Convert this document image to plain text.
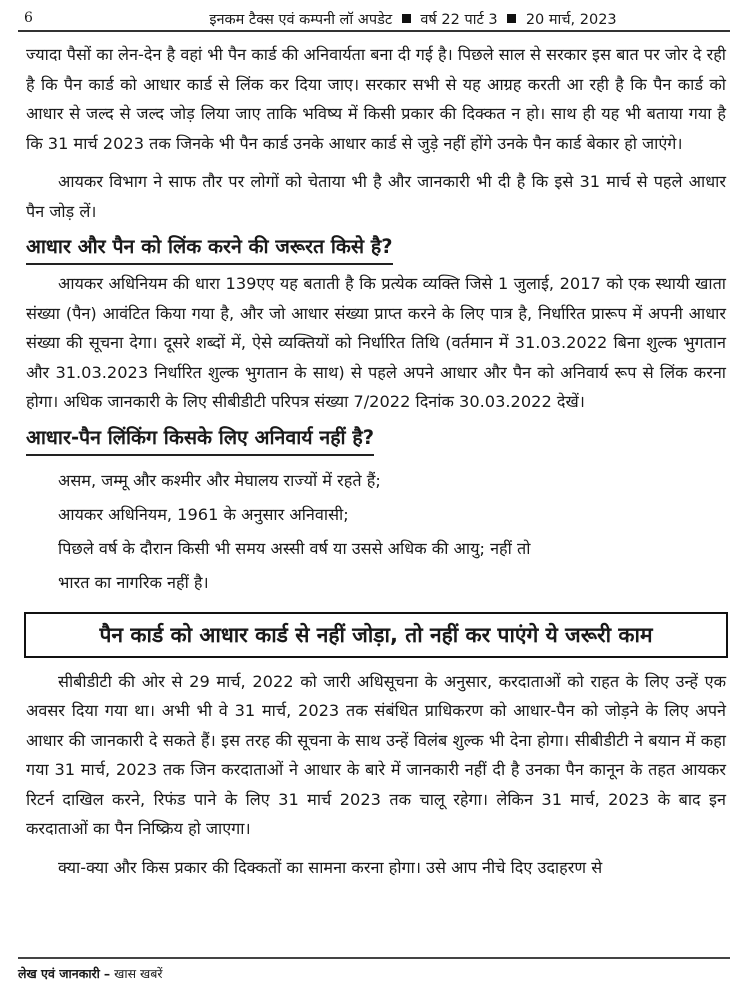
6	इनकम टैक्स एवं कम्पनी लॉ अपडेट वर्ष 22 पार्ट 3 20 मार्च, 2023

ज्यादा पैसों का लेन-देन है वहां भी पैन कार्ड की अनिवार्यता बना दी गई है। पिछले साल से सरकार इस बात पर जोर दे रही है कि पैन कार्ड को आधार कार्ड से लिंक कर दिया जाए। सरकार सभी से यह आग्रह करती आ रही है कि पैन कार्ड को आधार से जल्द से जल्द जोड़ लिया जाए ताकि भविष्य में किसी प्रकार की दिक्कत न हो। साथ ही यह भी बताया गया है कि 31 मार्च 2023 तक जिनके भी पैन कार्ड उनके आधार कार्ड से जुड़े नहीं होंगे उनके पैन कार्ड बेकार हो जाएंगे।

आयकर विभाग ने साफ तौर पर लोगों को चेताया भी है और जानकारी भी दी है कि इसे 31 मार्च से पहले आधार पैन जोड़ लें।

आधार और पैन को लिंक करने की जरूरत किसे है?

आयकर अधिनियम की धारा 139एए यह बताती है कि प्रत्येक व्यक्ति जिसे 1 जुलाई, 2017 को एक स्थायी खाता संख्या (पैन) आवंटित किया गया है, और जो आधार संख्या प्राप्त करने के लिए पात्र है, निर्धारित प्रारूप में अपनी आधार संख्या की सूचना देगा। दूसरे शब्दों में, ऐसे व्यक्तियों को निर्धारित तिथि (वर्तमान में 31.03.2022 बिना शुल्क भुगतान और 31.03.2023 निर्धारित शुल्क भुगतान के साथ) से पहले अपने आधार और पैन को अनिवार्य रूप से लिंक करना होगा। अधिक जानकारी के लिए सीबीडीटी परिपत्र संख्या 7/2022 दिनांक 30.03.2022 देखें।

आधार-पैन लिंकिंग किसके लिए अनिवार्य नहीं है?
असम, जम्मू और कश्मीर और मेघालय राज्यों में रहते हैं;
आयकर अधिनियम, 1961 के अनुसार अनिवासी;
पिछले वर्ष के दौरान किसी भी समय अस्सी वर्ष या उससे अधिक की आयु; नहीं तो
भारत का नागरिक नहीं है।
पैन कार्ड को आधार कार्ड से नहीं जोड़ा, तो नहीं कर पाएंगे ये जरूरी काम

सीबीडीटी की ओर से 29 मार्च, 2022 को जारी अधिसूचना के अनुसार, करदाताओं को राहत के लिए उन्हें एक अवसर दिया गया था। अभी भी वे 31 मार्च, 2023 तक संबंधित प्राधिकरण को आधार-पैन को जोड़ने के लिए अपने आधार की जानकारी दे सकते हैं। इस तरह की सूचना के साथ उन्हें विलंब शुल्क भी देना होगा। सीबीडीटी ने बयान में कहा गया 31 मार्च, 2023 तक जिन करदाताओं ने आधार के बारे में जानकारी नहीं दी है उनका पैन कानून के तहत आयकर रिटर्न दाखिल करने, रिफंड पाने के लिए 31 मार्च 2023 तक चालू रहेगा। लेकिन 31 मार्च, 2023 के बाद इन करदाताओं का पैन निष्क्रिय हो जाएगा।

क्या-क्या और किस प्रकार की दिक्कतों का सामना करना होगा। उसे आप नीचे दिए उदाहरण से

लेख एवं जानकारी – खास खबरें
